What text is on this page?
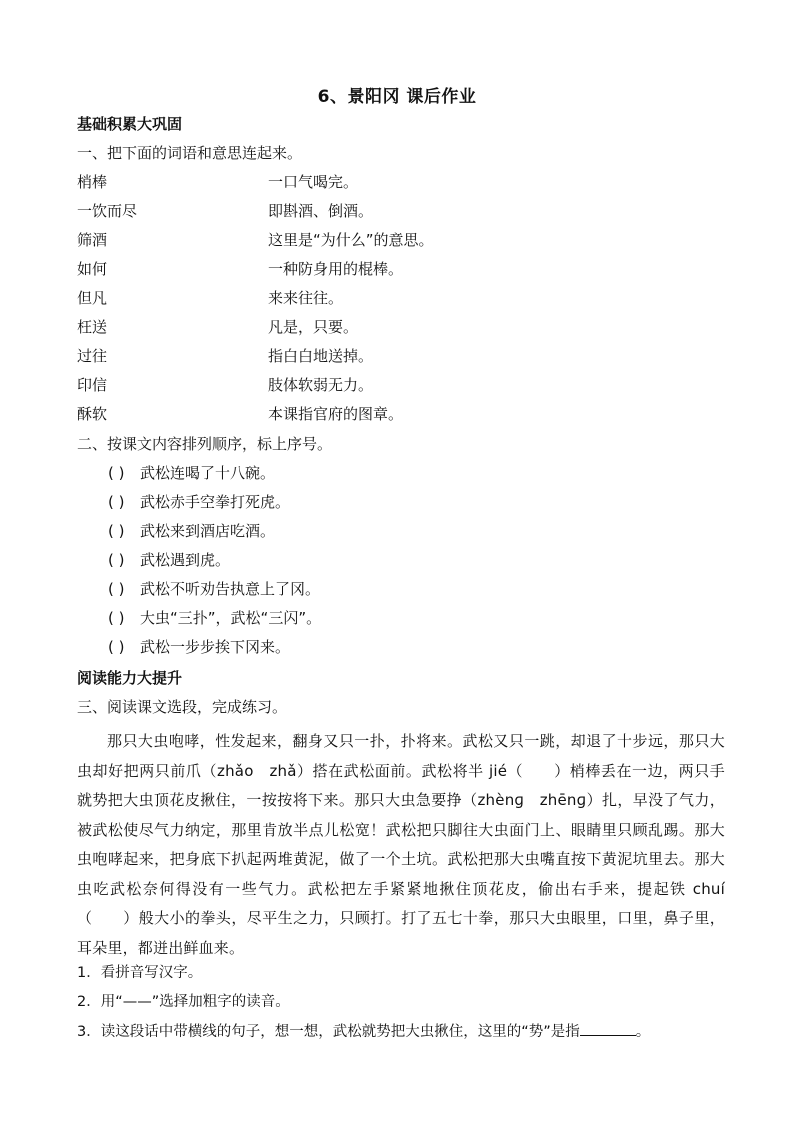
6、景阳冈 课后作业
基础积累大巩固
一、把下面的词语和意思连起来。
梢棒	一口气喝完。
一饮而尽	即斟酒、倒酒。
筛酒	这里是“为什么”的意思。
如何	一种防身用的棍棒。
但凡	来来往往。
枉送	凡是，只要。
过往	指白白地送掉。
印信	肢体软弱无力。
酥软	本课指官府的图章。
二、按课文内容排列顺序，标上序号。
( ) 武松连喝了十八碗。
( ) 武松赤手空拳打死虎。
( ) 武松来到酒店吃酒。
( ) 武松遇到虎。
( ) 武松不听劝告执意上了冈。
( ) 大虫“三扑”，武松“三闪”。
( ) 武松一步步挨下冈来。
阅读能力大提升
三、阅读课文选段，完成练习。
那只大虫咆哮，性发起来，翻身又只一扑，扑将来。武松又只一跳，却退了十步远，那只大虫却好把两只前爪（zhǎo　zhǎ）搭在武松面前。武松将半 jié（　　）梢棒丢在一边，两只手就势把大虫顶花皮揪住，一按按将下来。那只大虫急要挣（zhènɡ　zhēnɡ）扎，早没了气力，被武松使尽气力纳定，那里肯放半点儿松宽！武松把只脚往大虫面门上、眼睛里只顾乱踢。那大虫咆哮起来，把身底下扒起两堆黄泥，做了一个土坑。武松把那大虫嘴直按下黄泥坑里去。那大虫吃武松奈何得没有一些气力。武松把左手紧紧地揪住顶花皮，偷出右手来，提起铁 chuí（　　）般大小的拳头，尽平生之力，只顾打。打了五七十拳，那只大虫眼里，口里，鼻子里，耳朵里，都迸出鲜血来。
1．看拼音写汉字。
2．用“——”选择加粗字的读音。
3．读这段话中带横线的句子，想一想，武松就势把大虫揪住，这里的“势”是指	。
